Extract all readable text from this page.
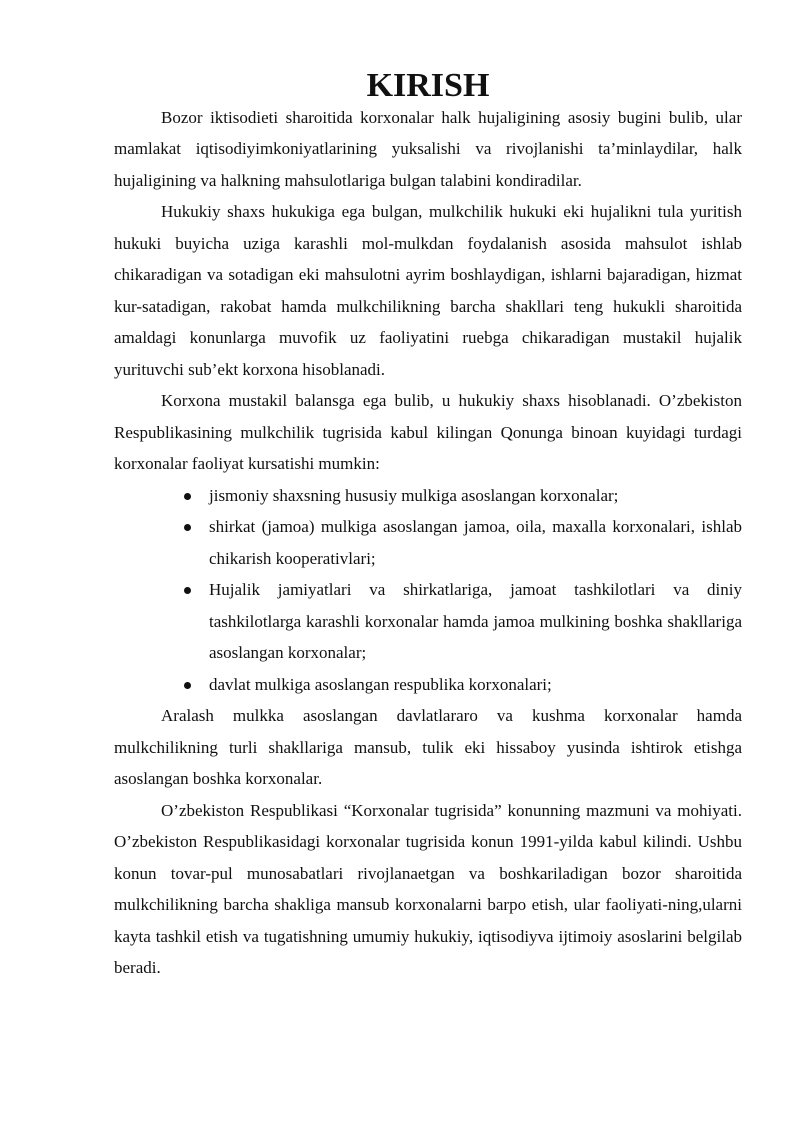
KIRISH

Bozor iktisodieti sharoitida korxonalar halk hujaligining asosiy bugini bulib, ular mamlakat iqtisodiyimkoniyatlarining yuksalishi va rivojlanishi ta’minlaydilar, halk hujaligining va halkning mahsulotlariga bulgan talabini kondiradilar.

Hukukiy shaxs hukukiga ega bulgan, mulkchilik hukuki eki hujalikni tula yuritish hukuki buyicha uziga karashli mol-mulkdan foydalanish asosida mahsulot ishlab chikaradigan va sotadigan eki mahsulotni ayrim boshlaydigan, ishlarni bajaradigan, hizmat kur-satadigan, rakobat hamda mulkchilikning barcha shakllari teng hukukli sharoitida amaldagi konunlarga muvofik uz faoliyatini ruebga chikaradigan mustakil hujalik yurituvchi sub’ekt korxona hisoblanadi.

Korxona mustakil balansga ega bulib, u hukukiy shaxs hisoblanadi. O’zbekiston Respublikasining mulkchilik tugrisida kabul kilingan Qonunga binoan kuyidagi turdagi korxonalar faoliyat kursatishi mumkin:

jismoniy shaxsning hususiy mulkiga asoslangan korxonalar;
shirkat (jamoa) mulkiga asoslangan jamoa, oila, maxalla korxonalari, ishlab chikarish kooperativlari;
Hujalik jamiyatlari va shirkatlariga, jamoat tashkilotlari va diniy tashkilotlarga karashli korxonalar hamda jamoa mulkining boshka shakllariga asoslangan korxonalar;
davlat mulkiga asoslangan respublika korxonalari;

Aralash mulkka asoslangan davlatlararo va kushma korxonalar hamda mulkchilikning turli shakllariga mansub, tulik eki hissaboy yusinda ishtirok etishga asoslangan boshka korxonalar.

O’zbekiston Respublikasi “Korxonalar tugrisida” konunning mazmuni va mohiyati. O’zbekiston Respublikasidagi korxonalar tugrisida konun 1991-yilda kabul kilindi. Ushbu konun tovar-pul munosabatlari rivojlanaetgan va boshkariladigan bozor sharoitida mulkchilikning barcha shakliga mansub korxonalarni barpo etish, ular faoliyati-ning,ularni kayta tashkil etish va tugatishning umumiy hukukiy, iqtisodiyva ijtimoiy asoslarini belgilab beradi.
